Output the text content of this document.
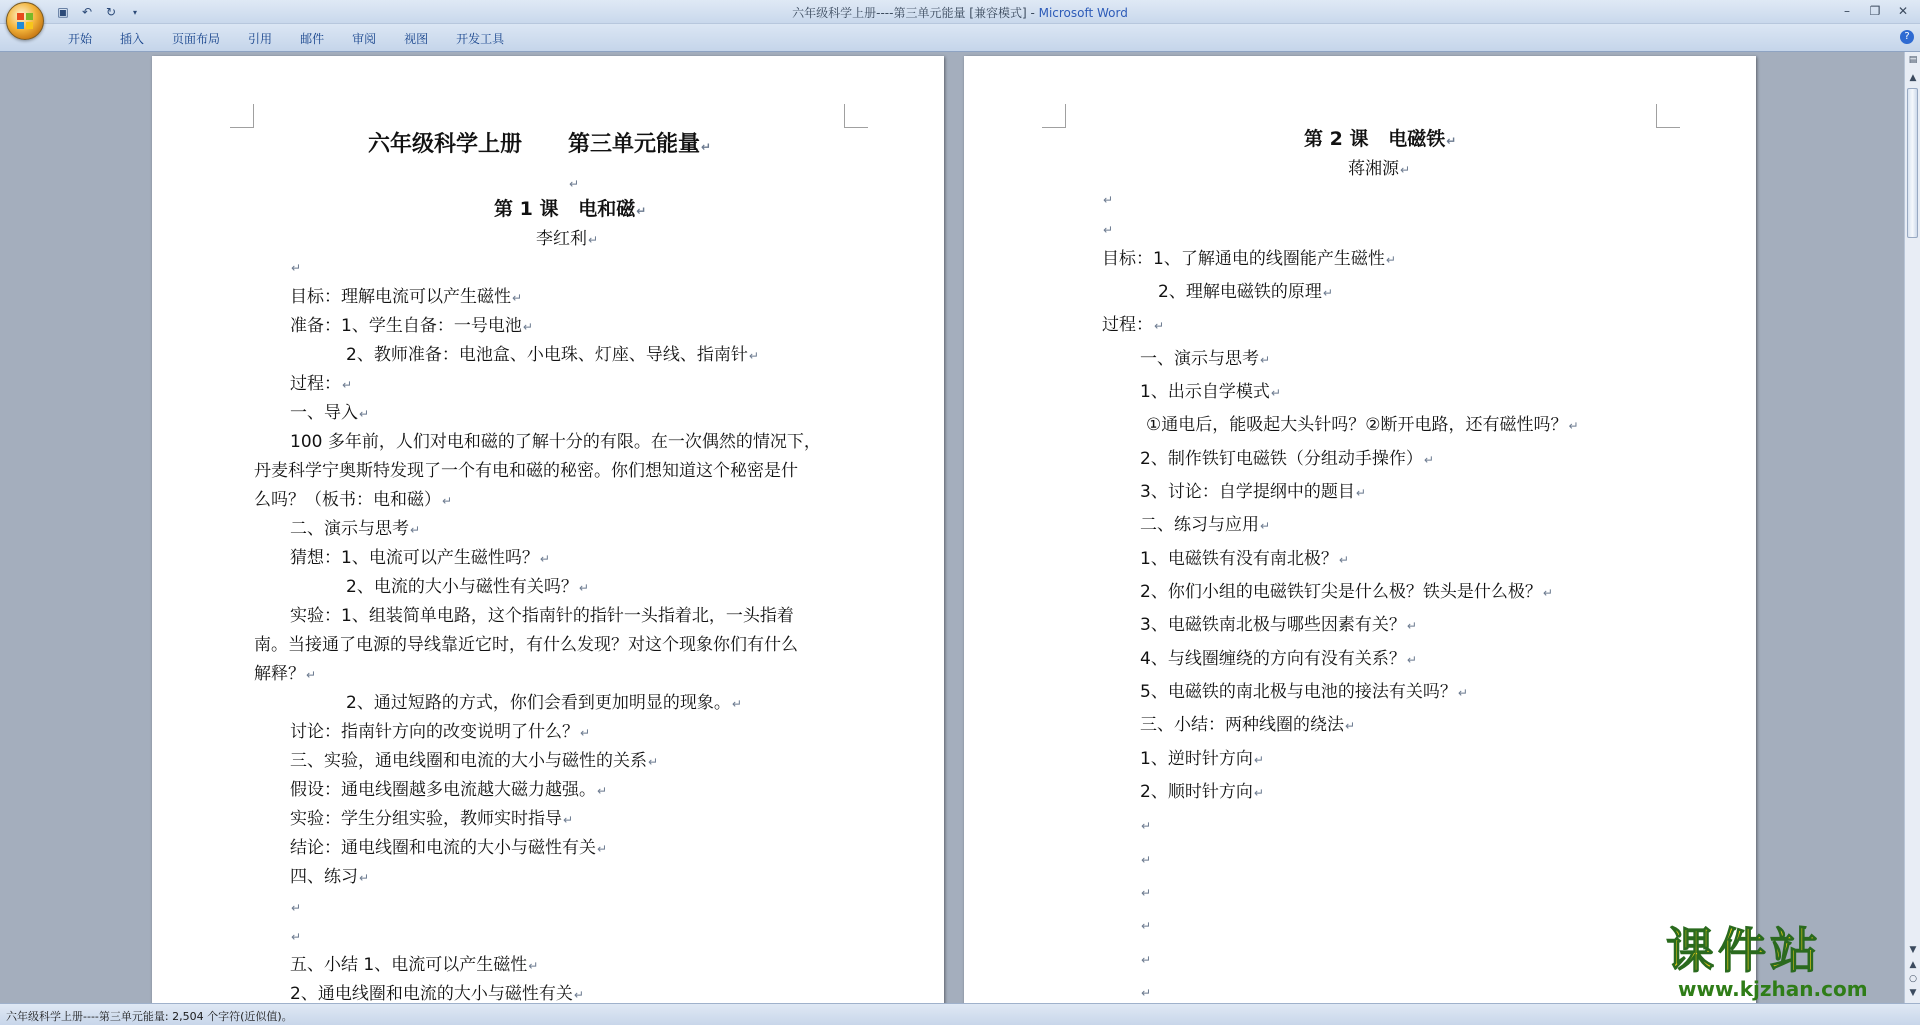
▣	↶	↻	▾	六年级科学上册----第三单元能量 [兼容模式] - Microsoft Word	–	❐	✕
开始	插入	页面布局	引用	邮件	审阅	视图	开发工具	?
六年级科学上册      第三单元能量↵
↵
第 1 课   电和磁↵
李红利↵
↵
目标：理解电流可以产生磁性↵
准备：1、学生自备：一号电池↵
2、教师准备：电池盒、小电珠、灯座、导线、指南针↵
过程：↵
一、导入↵
100 多年前，人们对电和磁的了解十分的有限。在一次偶然的情况下，
丹麦科学宁奥斯特发现了一个有电和磁的秘密。你们想知道这个秘密是什
么吗？（板书：电和磁）↵
二、演示与思考↵
猜想：1、电流可以产生磁性吗？↵
2、电流的大小与磁性有关吗？↵
实验：1、组装简单电路，这个指南针的指针一头指着北，一头指着
南。当接通了电源的导线靠近它时，有什么发现？对这个现象你们有什么
解释？↵
2、通过短路的方式，你们会看到更加明显的现象。↵
讨论：指南针方向的改变说明了什么？↵
三、实验，通电线圈和电流的大小与磁性的关系↵
假设：通电线圈越多电流越大磁力越强。↵
实验：学生分组实验，教师实时指导↵
结论：通电线圈和电流的大小与磁性有关↵
四、练习↵
↵
↵
五、小结 1、电流可以产生磁性↵
2、通电线圈和电流的大小与磁性有关↵
第 2 课   电磁铁↵
蒋湘源↵
↵
↵
目标：1、了解通电的线圈能产生磁性↵
2、理解电磁铁的原理↵
过程：↵
一、演示与思考↵
1、出示自学模式↵
①通电后，能吸起大头针吗？②断开电路，还有磁性吗？↵
2、制作铁钉电磁铁（分组动手操作）↵
3、讨论：自学提纲中的题目↵
二、练习与应用↵
1、电磁铁有没有南北极？↵
2、你们小组的电磁铁钉尖是什么极？铁头是什么极？↵
3、电磁铁南北极与哪些因素有关？↵
4、与线圈缠绕的方向有没有关系？↵
5、电磁铁的南北极与电池的接法有关吗？↵
三、小结：两种线圈的绕法↵
1、逆时针方向↵
2、顺时针方向↵
↵
↵
↵
↵
↵
↵
▤
▲
▼
▲
○
▼
课件站
www.kjzhan.com
六年级科学上册----第三单元能量: 2,504 个字符(近似值)。
